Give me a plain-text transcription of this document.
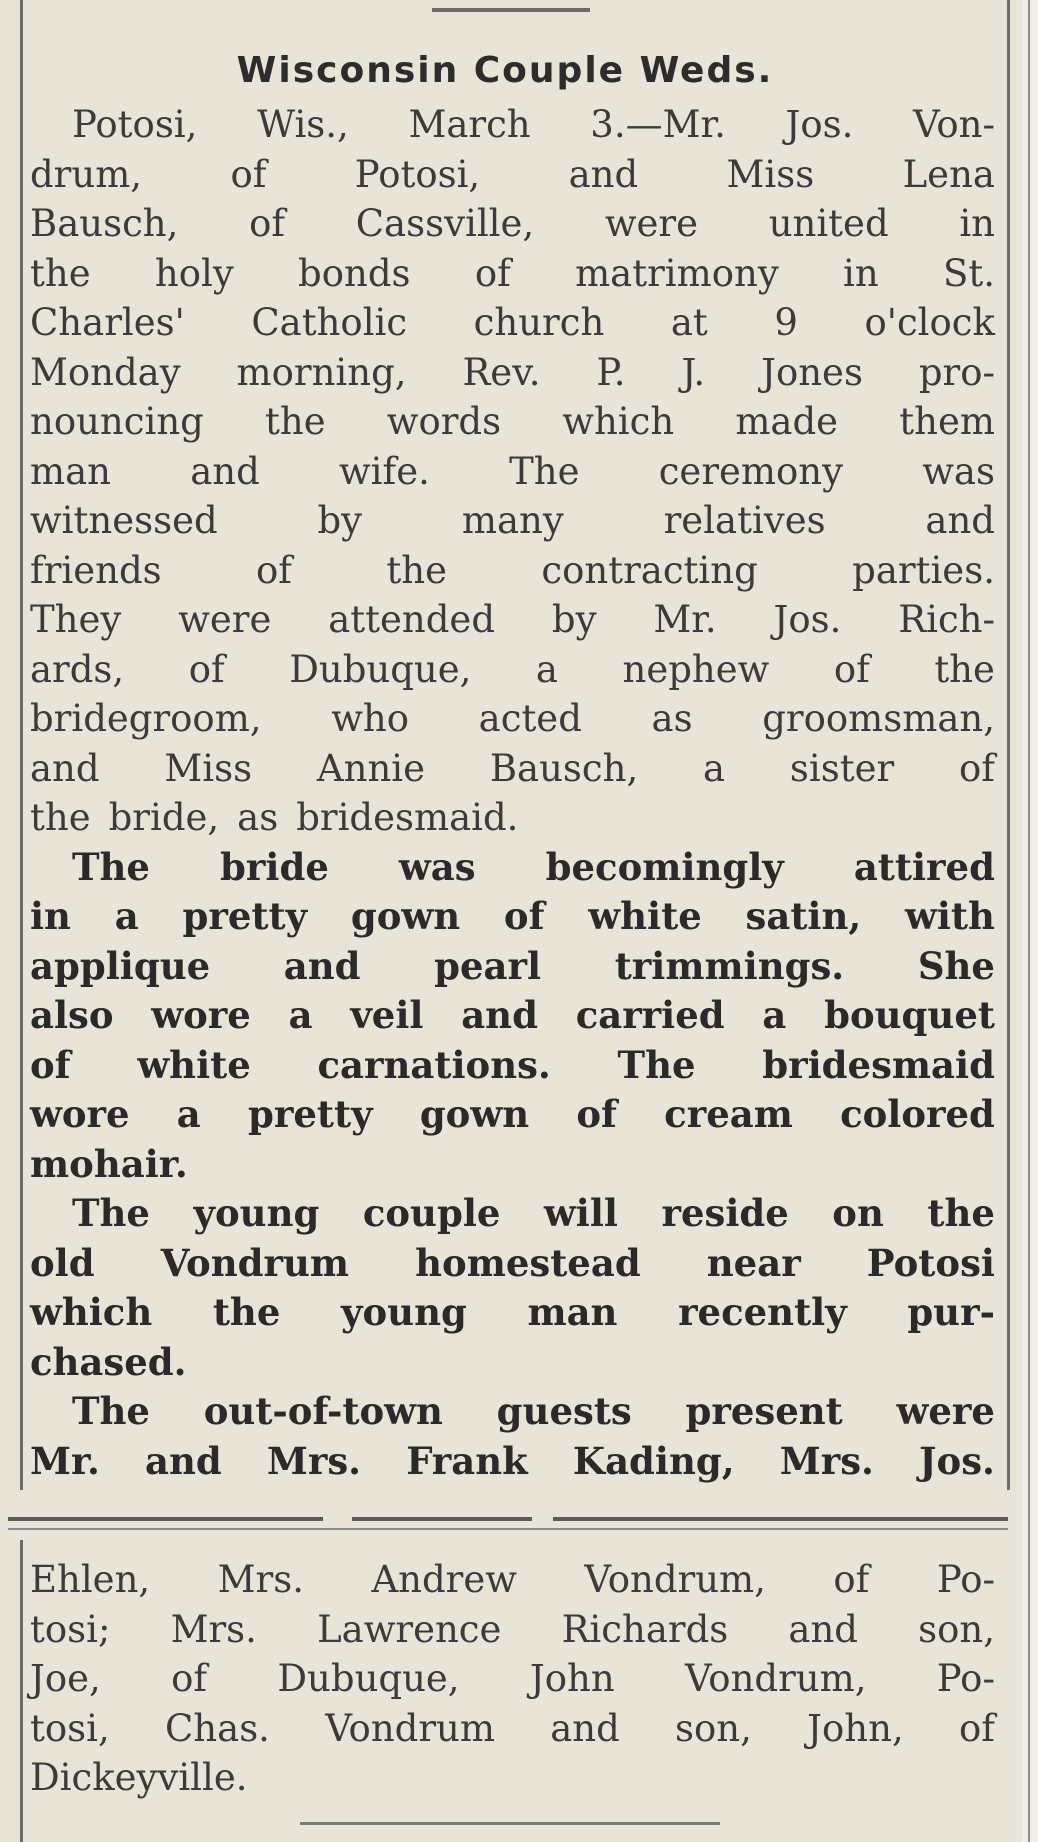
Wisconsin Couple Weds.
Potosi, Wis., March 3.—Mr. Jos. Von-
drum, of Potosi, and Miss Lena
Bausch, of Cassville, were united in
the holy bonds of matrimony in St.
Charles' Catholic church at 9 o'clock
Monday morning, Rev. P. J. Jones pro-
nouncing the words which made them
man and wife. The ceremony was
witnessed	by	many	relatives	and
friends	of	the	contracting	parties.
They were attended by Mr. Jos. Rich-
ards, of Dubuque, a nephew of the
bridegroom, who acted as groomsman,
and Miss Annie Bausch, a sister of
the bride, as bridesmaid.
The bride was becomingly attired
in a pretty gown of white satin, with
applique and pearl trimmings. She
also wore a veil and carried a bouquet
of white carnations. The bridesmaid
wore a pretty gown of cream colored
mohair.
The young couple will reside on the
old Vondrum homestead near Potosi
which the young man recently pur-
chased.
The out-of-town guests present were
Mr. and Mrs. Frank Kading, Mrs. Jos.
Ehlen, Mrs. Andrew Vondrum, of Po-
tosi; Mrs. Lawrence Richards and son,
Joe, of Dubuque, John Vondrum, Po-
tosi, Chas. Vondrum and son, John, of
Dickeyville.
